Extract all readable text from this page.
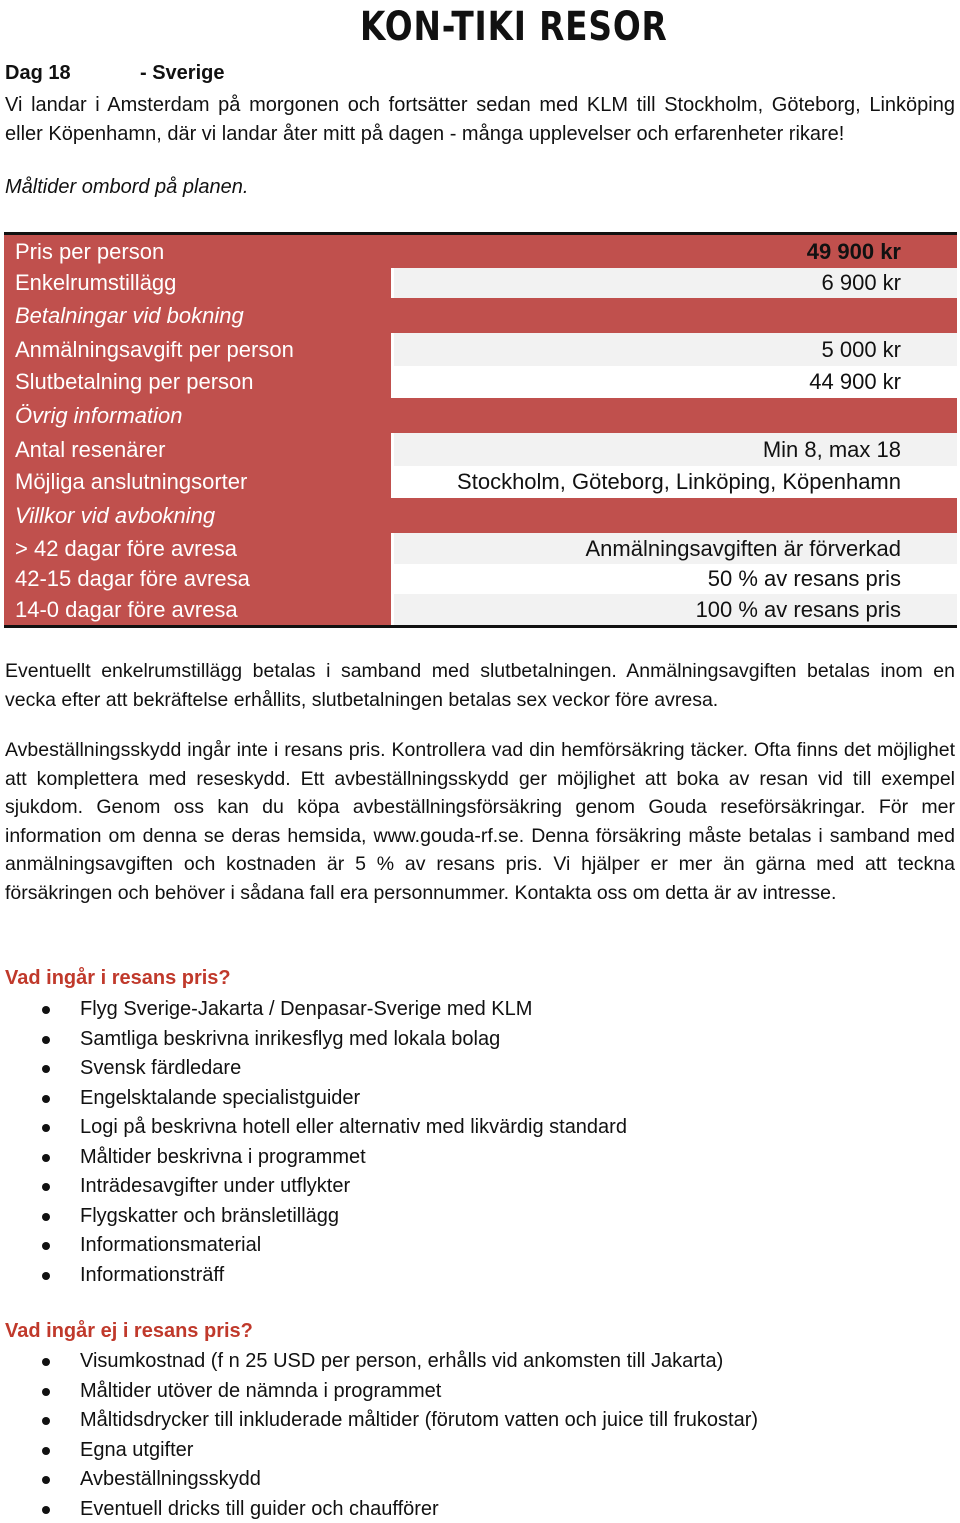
KON-TIKI RESOR
Dag 18	- Sverige

Vi landar i Amsterdam på morgonen och fortsätter sedan med KLM till Stockholm, Göteborg, Linköping eller Köpenhamn, där vi landar åter mitt på dagen - många upplevelser och erfarenheter rikare!

Måltider ombord på planen.

Pris per person	49 900 kr
Enkelrumstillägg	6 900 kr
Betalningar vid bokning
Anmälningsavgift per person	5 000 kr
Slutbetalning per person	44 900 kr
Övrig information
Antal resenärer	Min 8, max 18
Möjliga anslutningsorter	Stockholm, Göteborg, Linköping, Köpenhamn
Villkor vid avbokning
> 42 dagar före avresa	Anmälningsavgiften är förverkad
42-15 dagar före avresa	50 % av resans pris
14-0 dagar före avresa	100 % av resans pris

Eventuellt enkelrumstillägg betalas i samband med slutbetalningen. Anmälningsavgiften betalas inom en vecka efter att bekräftelse erhållits, slutbetalningen betalas sex veckor före avresa.

Avbeställningsskydd ingår inte i resans pris. Kontrollera vad din hemförsäkring täcker. Ofta finns det möjlighet att komplettera med reseskydd. Ett avbeställningsskydd ger möjlighet att boka av resan vid till exempel sjukdom. Genom oss kan du köpa avbeställningsförsäkring genom Gouda reseförsäkringar. För mer information om denna se deras hemsida, www.gouda-rf.se. Denna försäkring måste betalas i samband med anmälningsavgiften och kostnaden är 5 % av resans pris. Vi hjälper er mer än gärna med att teckna försäkringen och behöver i sådana fall era personnummer. Kontakta oss om detta är av intresse.

Vad ingår i resans pris?
Flyg Sverige-Jakarta / Denpasar-Sverige med KLM
Samtliga beskrivna inrikesflyg med lokala bolag
Svensk färdledare
Engelsktalande specialistguider
Logi på beskrivna hotell eller alternativ med likvärdig standard
Måltider beskrivna i programmet
Inträdesavgifter under utflykter
Flygskatter och bränsletillägg
Informationsmaterial
Informationsträff
Vad ingår ej i resans pris?
Visumkostnad (f n 25 USD per person, erhålls vid ankomsten till Jakarta)
Måltider utöver de nämnda i programmet
Måltidsdrycker till inkluderade måltider (förutom vatten och juice till frukostar)
Egna utgifter
Avbeställningsskydd
Eventuell dricks till guider och chaufförer
